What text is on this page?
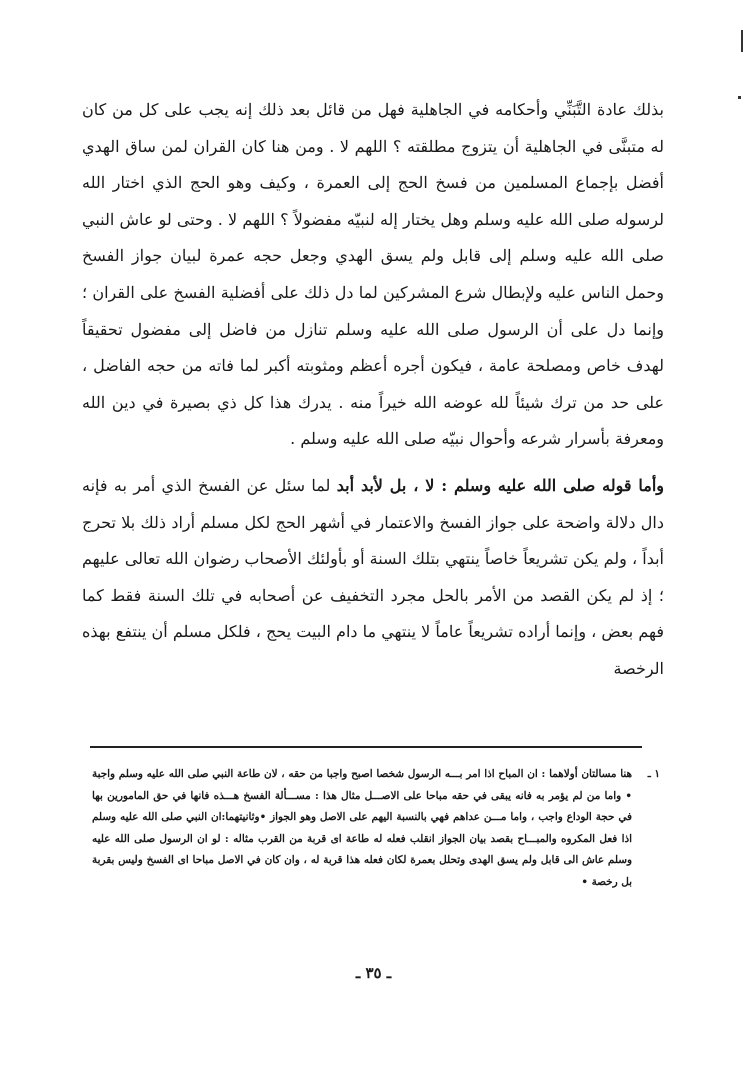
بذلك عادة التَّبَنِّي وأحكامه في الجاهلية فهل من قائل بعد ذلك إنه يجب على كل من كان له متبنَّى في الجاهلية أن يتزوج مطلقته ؟ اللهم لا . ومن هنا كان القران لمن ساق الهدي أفضل بإجماع المسلمين من فسخ الحج إلى العمرة ، وكيف وهو الحج الذي اختار الله لرسوله صلى الله عليه وسلم وهل يختار إله لنبيّه مفضولاً ؟ اللهم لا . وحتى لو عاش النبي صلى الله عليه وسلم إلى قابل ولم يسق الهدي وجعل حجه عمرة لبيان جواز الفسخ وحمل الناس عليه ولإبطال شرع المشركين لما دل ذلك على أفضلية الفسخ على القران ؛ وإنما دل على أن الرسول صلى الله عليه وسلم تنازل من فاضل إلى مفضول تحقيقاً لهدف خاص ومصلحة عامة ، فيكون أجره أعظم ومثوبته أكبر لما فاته من حجه الفاضل ، على حد من ترك شيئاً لله عوضه الله خيراً منه . يدرك هذا كل ذي بصيرة في دين الله ومعرفة بأسرار شرعه وأحوال نبيّه صلى الله عليه وسلم .

وأما قوله صلى الله عليه وسلم : لا ، بل لأبد أبد لما سئل عن الفسخ الذي أمر به فإنه دال دلالة واضحة على جواز الفسخ والاعتمار في أشهر الحج لكل مسلم أراد ذلك بلا تحرج أبداً ، ولم يكن تشريعاً خاصاً ينتهي بتلك السنة أو بأولئك الأصحاب رضوان الله تعالى عليهم ؛ إذ لم يكن القصد من الأمر بالحل مجرد التخفيف عن أصحابه في تلك السنة فقط كما فهم بعض ، وإنما أراده تشريعاً عاماً لا ينتهي ما دام البيت يحج ، فلكل مسلم أن ينتفع بهذه الرخصة

١ ـ
هنا مسالتان أولاهما : ان المباح اذا امر بـــه الرسول شخصا اصبح واجبا من حقه ، لان طاعة النبي صلى الله عليه وسلم واجبة • واما من لم يؤمر به فانه يبقى في حقه مباحا على الاصـــل مثال هذا : مســـألة الفسخ هـــذه فانها في حق المامورين بها في حجة الوداع واجب ، واما مـــن عداهم فهي بالنسبة اليهم على الاصل وهو الجواز •وثانيتهما:ان النبي صلى الله عليه وسلم اذا فعل المكروه والمبـــاح بقصد بيان الجواز انقلب فعله له طاعة اى قربة من القرب مثاله : لو ان الرسول صلى الله عليه وسلم عاش الى قابل ولم يسق الهدى وتحلل بعمرة لكان فعله هذا قربة له ، وان كان في الاصل مباحا اى الفسخ وليس بقربة بل رخصة •
ـ ٣٥ ـ
